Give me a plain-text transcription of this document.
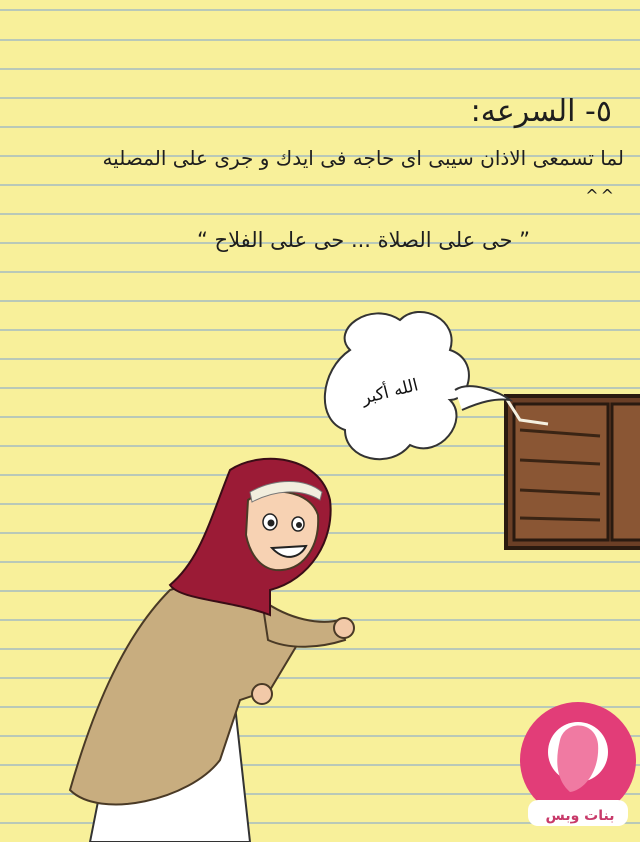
٥- السرعه:
لما تسمعى الاذان سيبى اى حاجه فى ايدك و جرى على المصليه
^^
” حى على الصلاة ... حى على الفلاح “
الله أكبر
بنات وبس
